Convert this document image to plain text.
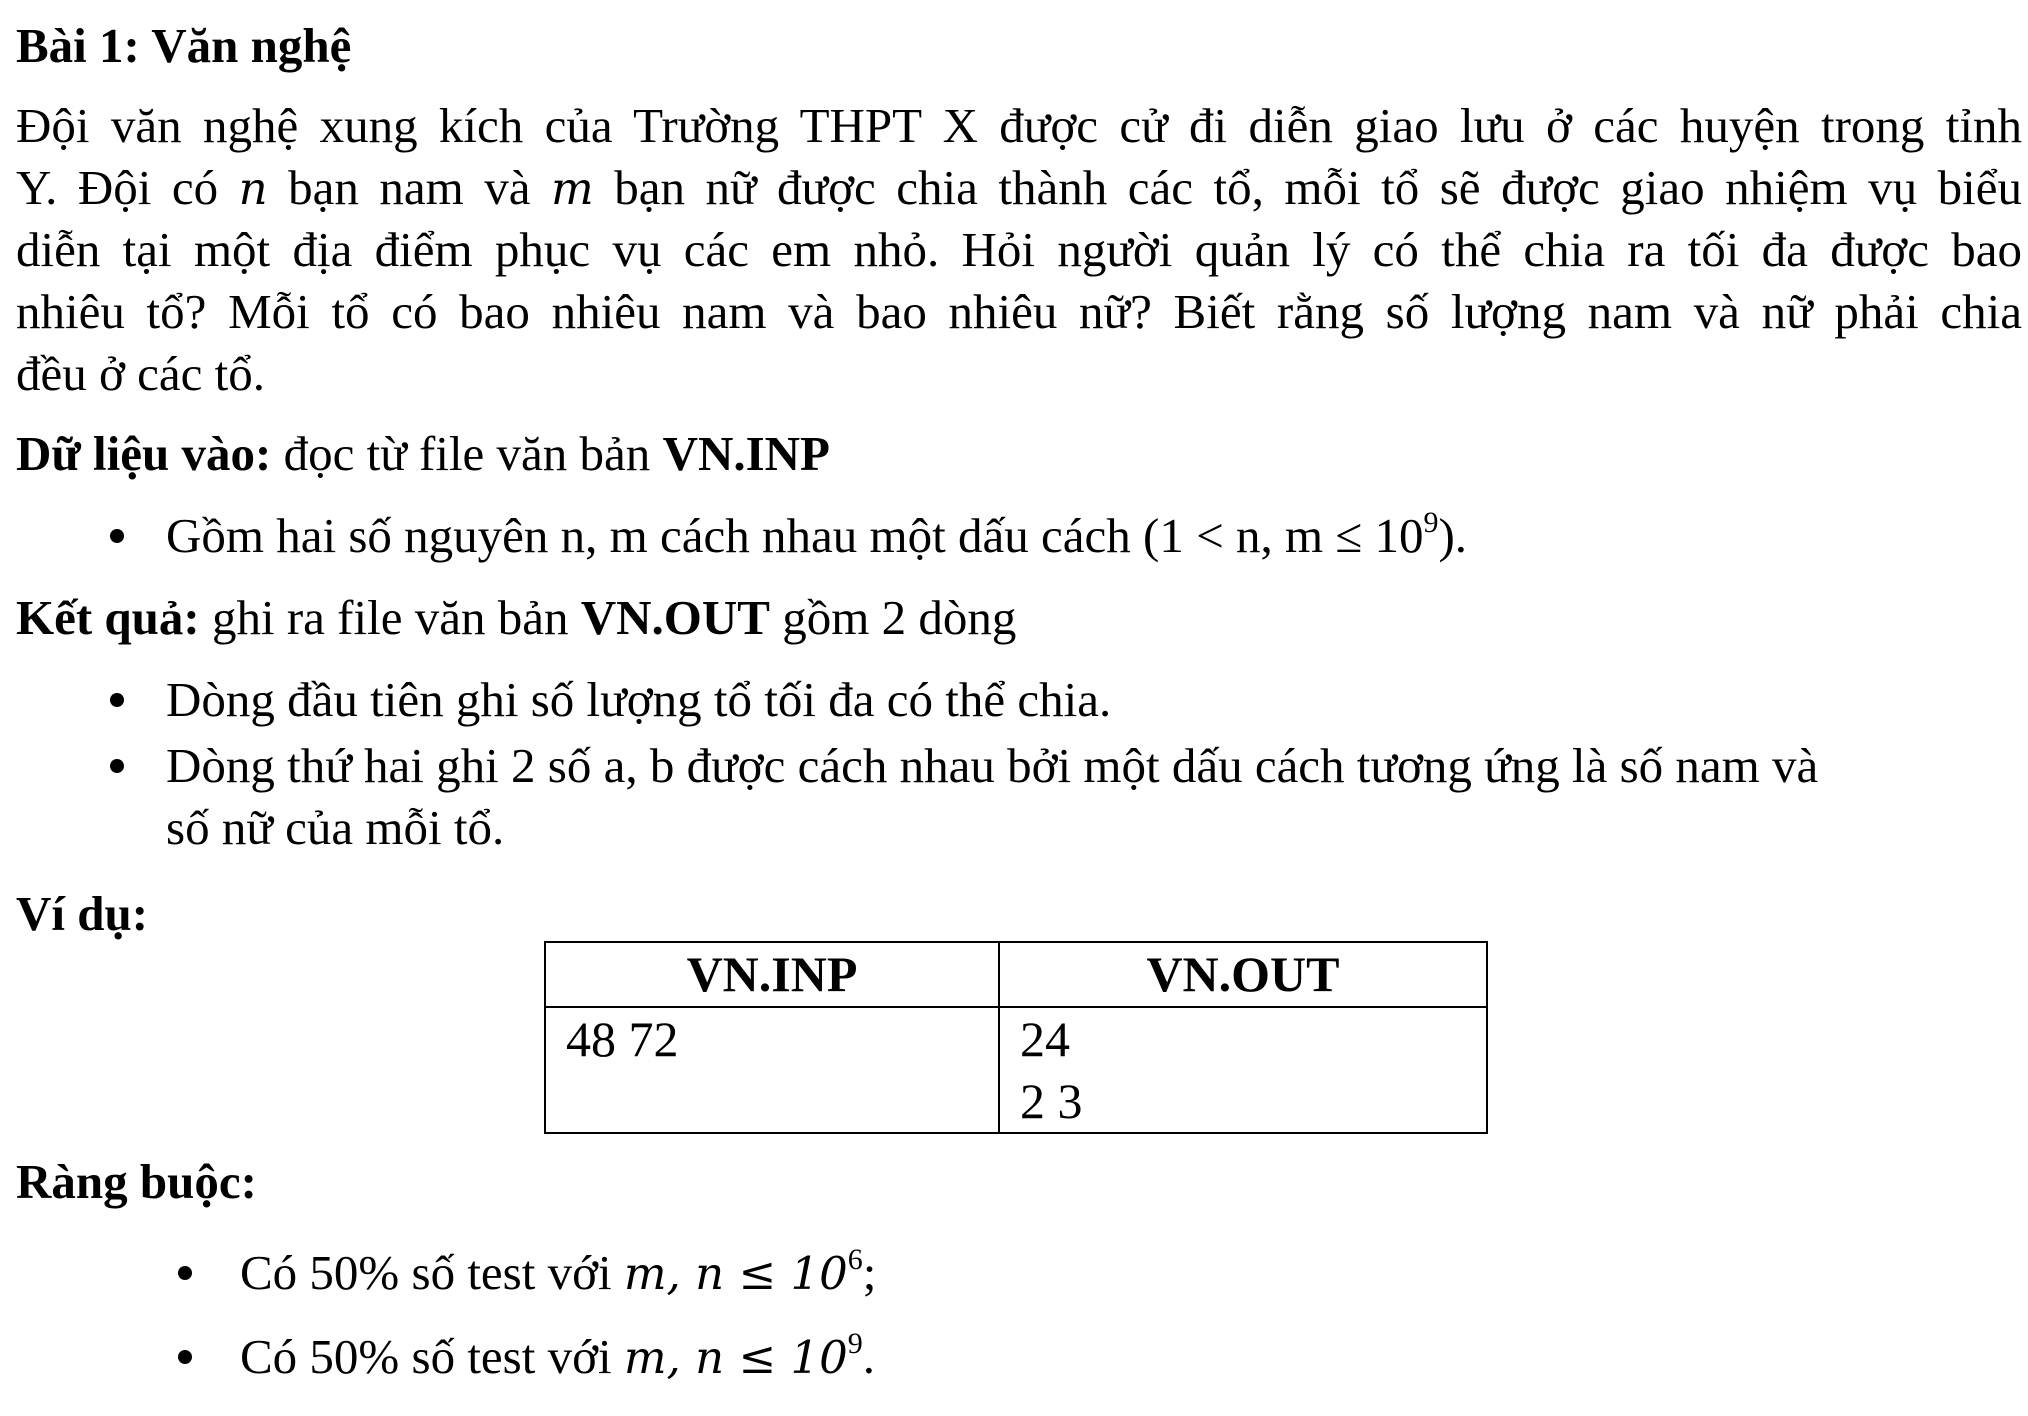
Bài 1: Văn nghệ
Đội văn nghệ xung kích của Trường THPT X được cử đi diễn giao lưu ở các huyện trong tỉnh
Y. Đội có n bạn nam và m bạn nữ được chia thành các tổ, mỗi tổ sẽ được giao nhiệm vụ biểu
diễn tại một địa điểm phục vụ các em nhỏ. Hỏi người quản lý có thể chia ra tối đa được bao
nhiêu tổ? Mỗi tổ có bao nhiêu nam và bao nhiêu nữ? Biết rằng số lượng nam và nữ phải chia
đều ở các tổ.
Dữ liệu vào: đọc từ file văn bản VN.INP
Gồm hai số nguyên n, m cách nhau một dấu cách (1 < n, $m \le 10^9$).
Kết quả: ghi ra file văn bản VN.OUT gồm 2 dòng
Dòng đầu tiên ghi số lượng tổ tối đa có thể chia.
Dòng thứ hai ghi 2 số a, b được cách nhau bởi một dấu cách tương ứng là số nam và
số nữ của mỗi tổ.
Ví dụ:
VN.INP	VN.OUT

48 72	24
2 3
Ràng buộc:
Có 50% số test với m, $n \le 10^6$;
Có 50% số test với m, $n \le 10^9$.
